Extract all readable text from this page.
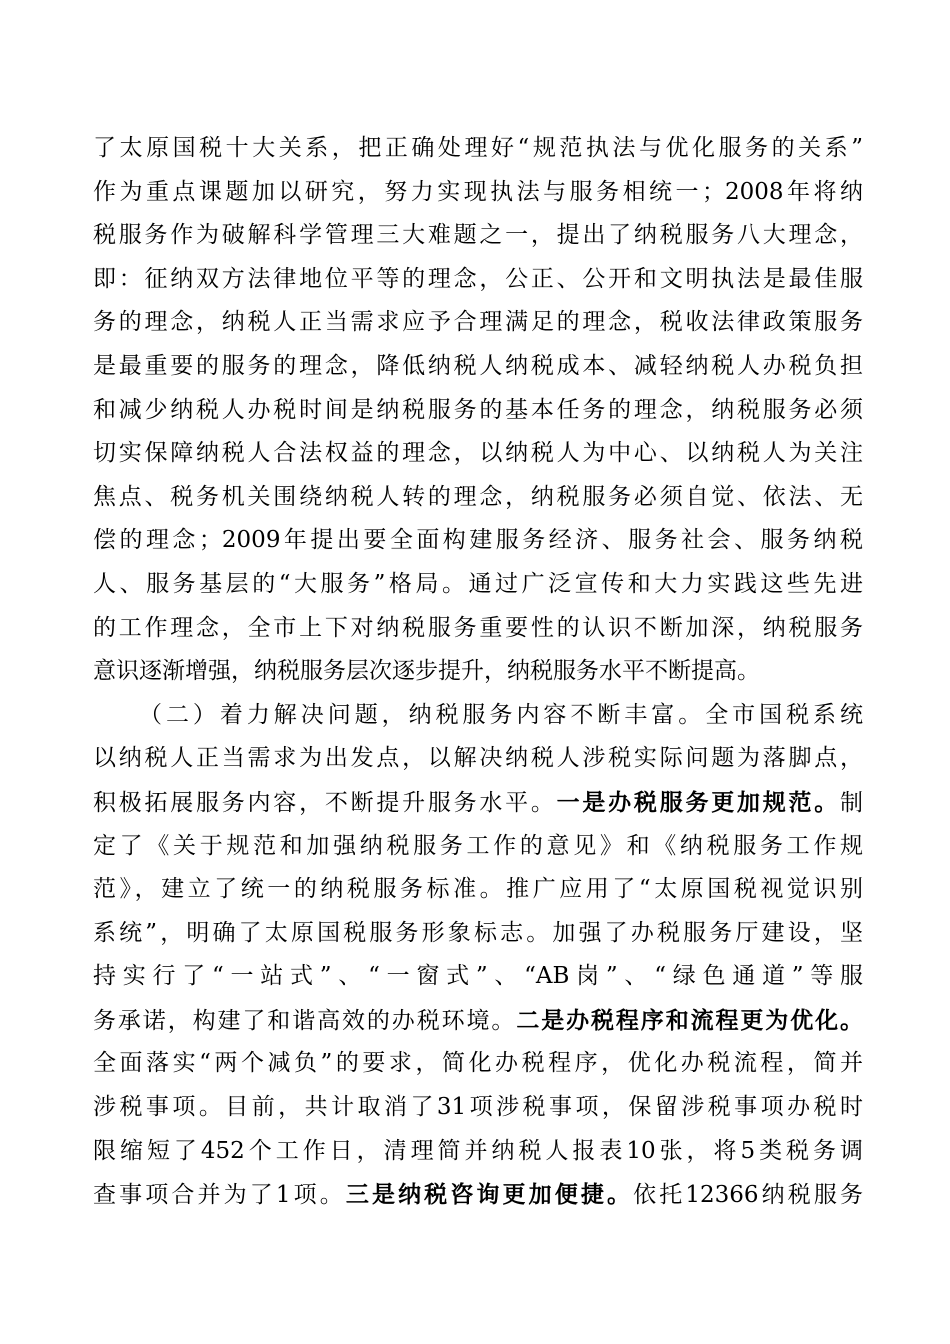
了太原国税十大关系，把正确处理好“规范执法与优化服务的关系”
作为重点课题加以研究，努力实现执法与服务相统一；2008年将纳
税服务作为破解科学管理三大难题之一，提出了纳税服务八大理念，
即：征纳双方法律地位平等的理念，公正、公开和文明执法是最佳服
务的理念，纳税人正当需求应予合理满足的理念，税收法律政策服务
是最重要的服务的理念，降低纳税人纳税成本、减轻纳税人办税负担
和减少纳税人办税时间是纳税服务的基本任务的理念，纳税服务必须
切实保障纳税人合法权益的理念，以纳税人为中心、以纳税人为关注
焦点、税务机关围绕纳税人转的理念，纳税服务必须自觉、依法、无
偿的理念；2009年提出要全面构建服务经济、服务社会、服务纳税
人、服务基层的“大服务”格局。通过广泛宣传和大力实践这些先进
的工作理念，全市上下对纳税服务重要性的认识不断加深，纳税服务
意识逐渐增强，纳税服务层次逐步提升，纳税服务水平不断提高。
（二）着力解决问题，纳税服务内容不断丰富。全市国税系统
以纳税人正当需求为出发点，以解决纳税人涉税实际问题为落脚点，
积极拓展服务内容，不断提升服务水平。一是办税服务更加规范。制
定了《关于规范和加强纳税服务工作的意见》和《纳税服务工作规
范》，建立了统一的纳税服务标准。推广应用了“太原国税视觉识别
系统”，明确了太原国税服务形象标志。加强了办税服务厅建设，坚
持实行了“一站式”、“一窗式”、“AB岗”、“绿色通道”等服
务承诺，构建了和谐高效的办税环境。二是办税程序和流程更为优化。
全面落实“两个减负”的要求，简化办税程序，优化办税流程，简并
涉税事项。目前，共计取消了31项涉税事项，保留涉税事项办税时
限缩短了452个工作日，清理简并纳税人报表10张，将5类税务调
查事项合并为了1项。三是纳税咨询更加便捷。依托12366纳税服务
